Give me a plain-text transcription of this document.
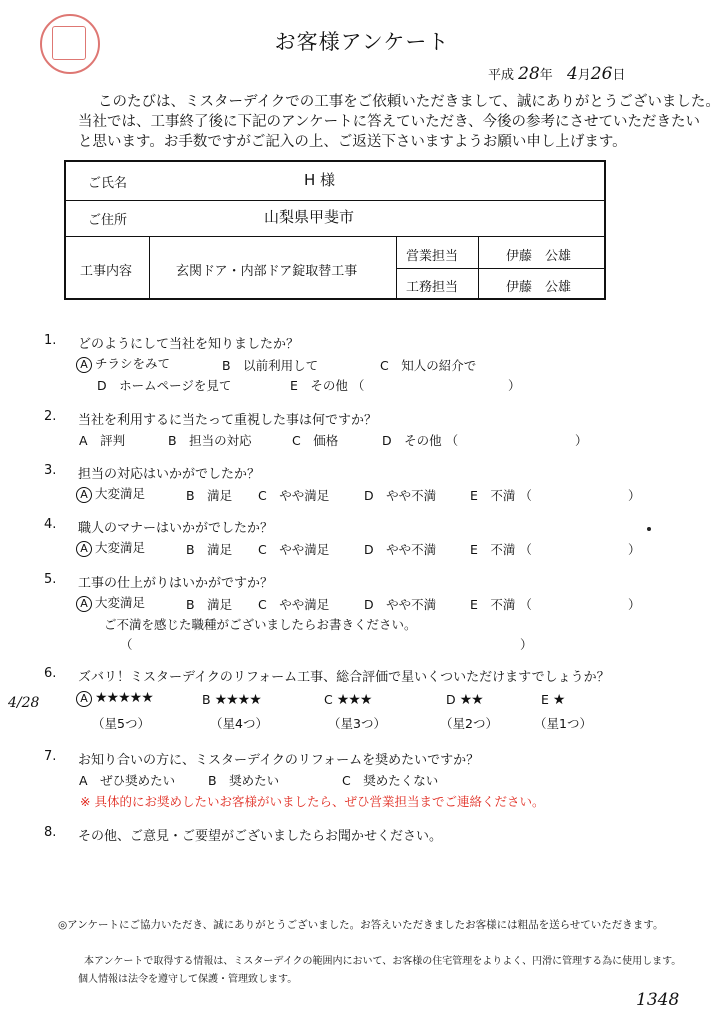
お客様アンケート
平成 28年 4月26日
このたびは、ミスターデイクでの工事をご依頼いただきまして、誠にありがとうございました。
当社では、工事終了後に下記のアンケートに答えていただき、今後の参考にさせていただきたい
と思います。お手数ですがご記入の上、ご返送下さいますようお願い申し上げます。
ご氏名	H 様
ご住所	山梨県甲斐市
工事内容	玄関ドア・内部ドア錠取替工事
営業担当	伊藤　公雄
工務担当	伊藤　公雄
1. どのようにして当社を知りましたか？
A チラシをみて	B　 以前利用して	C　 知人の紹介で
D　 ホームページを見て	E　 その他 （	）
2. 当社を利用するに当たって重視した事は何ですか？
A　 評判	B　 担当の対応	C　 価格	D　 その他 （	）
3. 担当の対応はいかがでしたか？
A 大変満足	B　 満足 C　 やや満足	D　 やや不満	E　 不満 （	）
4. 職人のマナーはいかがでしたか？
A 大変満足	B　 満足 C　 やや満足	D　 やや不満	E　 不満 （	）
5. 工事の仕上がりはいかがですか？
A 大変満足	B　 満足 C　 やや満足	D　 やや不満	E　 不満 （	）
ご不満を感じた職種がございましたらお書きください。
（	）
6. ズバリ！ミスターデイクのリフォーム工事、総合評価で星いくついただけますでしょうか？
4/28	A ★★★★★	B ★★★★	C ★★★	D ★★	E ★
（星5つ）	（星4つ）	（星3つ）	（星2つ）	（星1つ）
7. お知り合いの方に、ミスターデイクのリフォームを奨めたいですか？
A　 ぜひ奨めたい	B　 奨めたい	C　 奨めたくない
※ 具体的にお奨めしたいお客様がいましたら、ぜひ営業担当までご連絡ください。
8. その他、ご意見・ご要望がございましたらお聞かせください。
◎アンケートにご協力いただき、誠にありがとうございました。お答えいただきましたお客様には粗品を送らせていただきます。
本アンケートで取得する情報は、ミスターデイクの範囲内において、お客様の住宅管理をよりよく、円滑に管理する為に使用します。
個人情報は法令を遵守して保護・管理致します。
1348
